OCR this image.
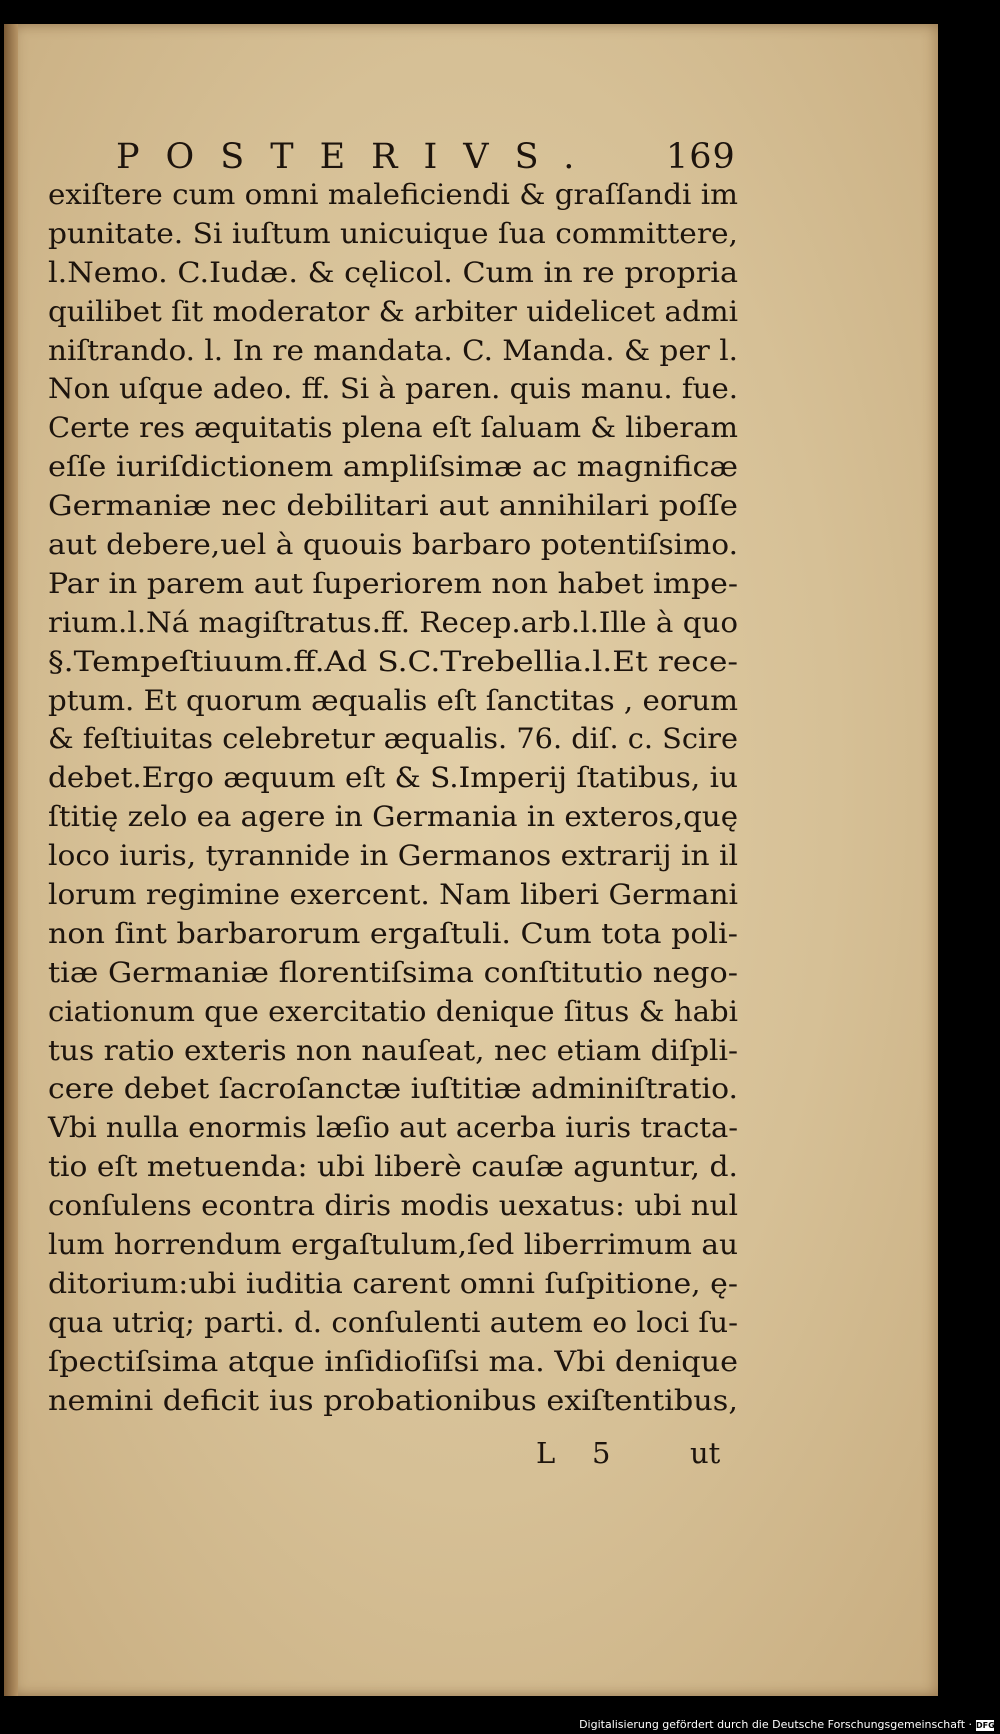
POSTERIVS. 169
exiſtere cum omni maleficiendi & graſſandi im
punitate. Si iuſtum unicuique ſua committere,
l.Nemo. C.Iudæ. & cęlicol. Cum in re propria
quilibet ſit moderator & arbiter uidelicet admi
niſtrando. l. In re mandata. C. Manda. & per l.
Non uſque adeo. ff. Si à paren. quis manu. fue.
Certe res æquitatis plena eſt ſaluam & liberam
eſſe iuriſdictionem ampliſsimæ ac magnificæ
Germaniæ nec debilitari aut annihilari poſſe
aut debere,uel à quouis barbaro potentiſsimo.
Par in parem aut ſuperiorem non habet impe-
rium.l.Ná magiſtratus.ff. Recep.arb.l.Ille à quo
§.Tempeſtiuum.ff.Ad S.C.Trebellia.l.Et rece-
ptum. Et quorum æqualis eſt ſanctitas , eorum
& feſtiuitas celebretur æqualis. 76. diſ. c. Scire
debet.Ergo æquum eſt & S.Imperij ſtatibus, iu
ſtitię zelo ea agere in Germania in exteros,quę
loco iuris, tyrannide in Germanos extrarij in il
lorum regimine exercent. Nam liberi Germani
non ſint barbarorum ergaſtuli. Cum tota poli-
tiæ Germaniæ florentiſsima conſtitutio nego-
ciationum que exercitatio denique ſitus & habi
tus ratio exteris non nauſeat, nec etiam diſpli-
cere debet ſacroſanctæ iuſtitiæ adminiſtratio.
Vbi nulla enormis læſio aut acerba iuris tracta-
tio eſt metuenda: ubi liberè cauſæ aguntur, d.
conſulens econtra diris modis uexatus: ubi nul
lum horrendum ergaſtulum,ſed liberrimum au
ditorium:ubi iuditia carent omni ſuſpitione, ę-
qua utriq; parti. d. conſulenti autem eo loci ſu-
ſpectiſsima atque inſidioſiſsi ma. Vbi denique
nemini deficit ius probationibus exiſtentibus,
L 5	ut
Digitalisierung gefördert durch die Deutsche Forschungsgemeinschaft · DFG
